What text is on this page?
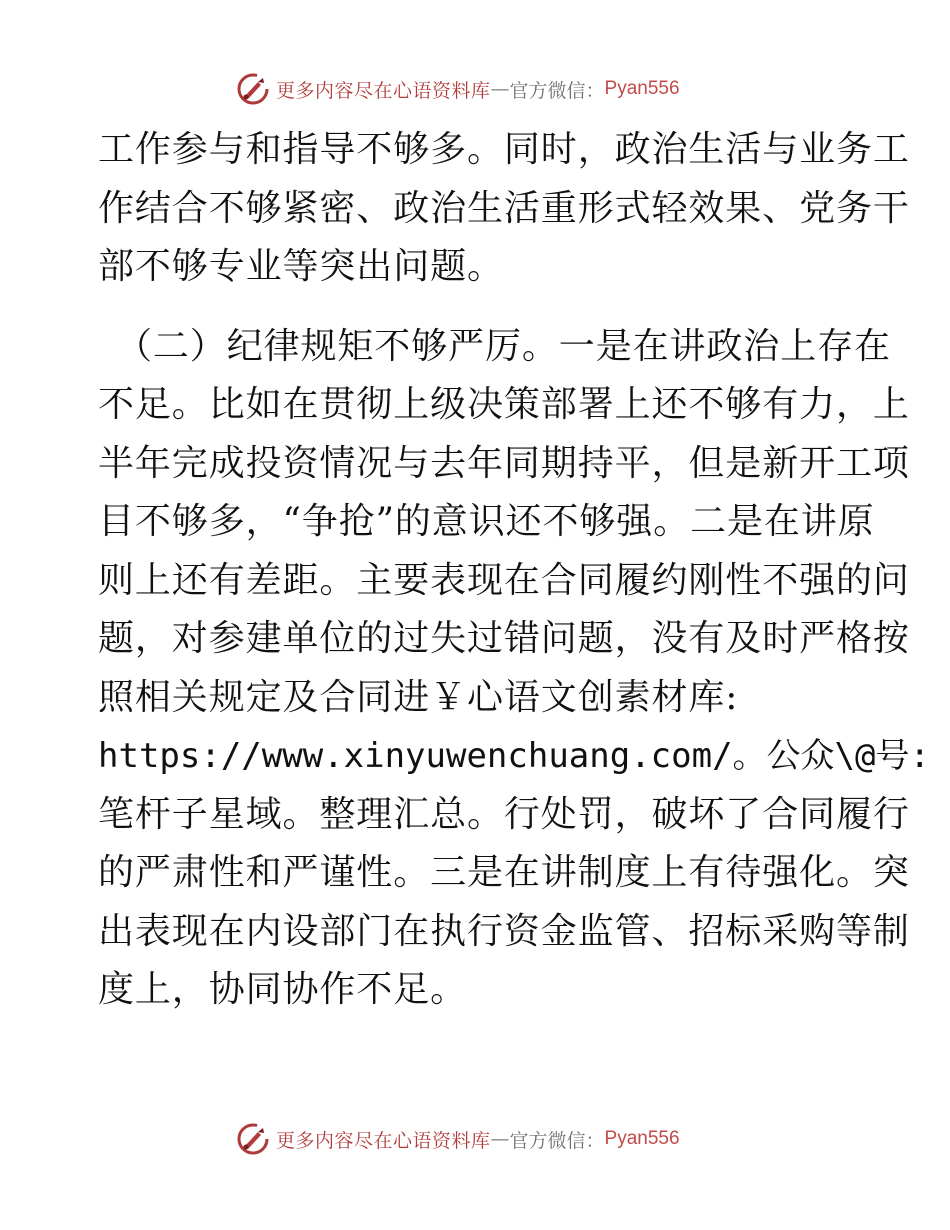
更多内容尽在心语资料库 — 官方微信： Pyan556
工作参与和指导不够多。同时，政治生活与业务工
作结合不够紧密、政治生活重形式轻效果、党务干
部不够专业等突出问题。
（二）纪律规矩不够严厉。一是在讲政治上存在
不足。比如在贯彻上级决策部署上还不够有力，上
半年完成投资情况与去年同期持平，但是新开工项
目不够多，“争抢”的意识还不够强。二是在讲原
则上还有差距。主要表现在合同履约刚性不强的问
题，对参建单位的过失过错问题，没有及时严格按
照相关规定及合同进￥心语文创素材库:
https://www.xinyuwenchuang.com/。公众\@号:
笔杆子星域。整理汇总。行处罚，破坏了合同履行
的严肃性和严谨性。三是在讲制度上有待强化。突
出表现在内设部门在执行资金监管、招标采购等制
度上，协同协作不足。
更多内容尽在心语资料库 — 官方微信： Pyan556
